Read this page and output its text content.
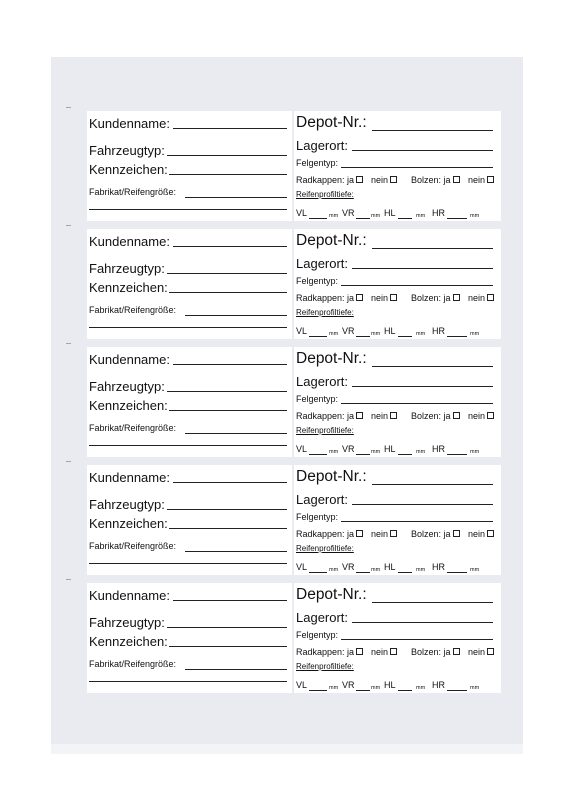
Kundenname:
Fahrzeugtyp:
Kennzeichen:
Fabrikat/Reifengröße:
Depot-Nr.:
Lagerort:
Felgentyp:
Radkappen: ja	nein	Bolzen: ja	nein
Reifenprofiltiefe:
VL	mm VR	mm HL	mm HR	mm
Kundenname:
Fahrzeugtyp:
Kennzeichen:
Fabrikat/Reifengröße:
Depot-Nr.:
Lagerort:
Felgentyp:
Radkappen: ja	nein	Bolzen: ja	nein
Reifenprofiltiefe:
VL	mm VR	mm HL	mm HR	mm
Kundenname:
Fahrzeugtyp:
Kennzeichen:
Fabrikat/Reifengröße:
Depot-Nr.:
Lagerort:
Felgentyp:
Radkappen: ja	nein	Bolzen: ja	nein
Reifenprofiltiefe:
VL	mm VR	mm HL	mm HR	mm
Kundenname:
Fahrzeugtyp:
Kennzeichen:
Fabrikat/Reifengröße:
Depot-Nr.:
Lagerort:
Felgentyp:
Radkappen: ja	nein	Bolzen: ja	nein
Reifenprofiltiefe:
VL	mm VR	mm HL	mm HR	mm
Kundenname:
Fahrzeugtyp:
Kennzeichen:
Fabrikat/Reifengröße:
Depot-Nr.:
Lagerort:
Felgentyp:
Radkappen: ja	nein	Bolzen: ja	nein
Reifenprofiltiefe:
VL	mm VR	mm HL	mm HR	mm
